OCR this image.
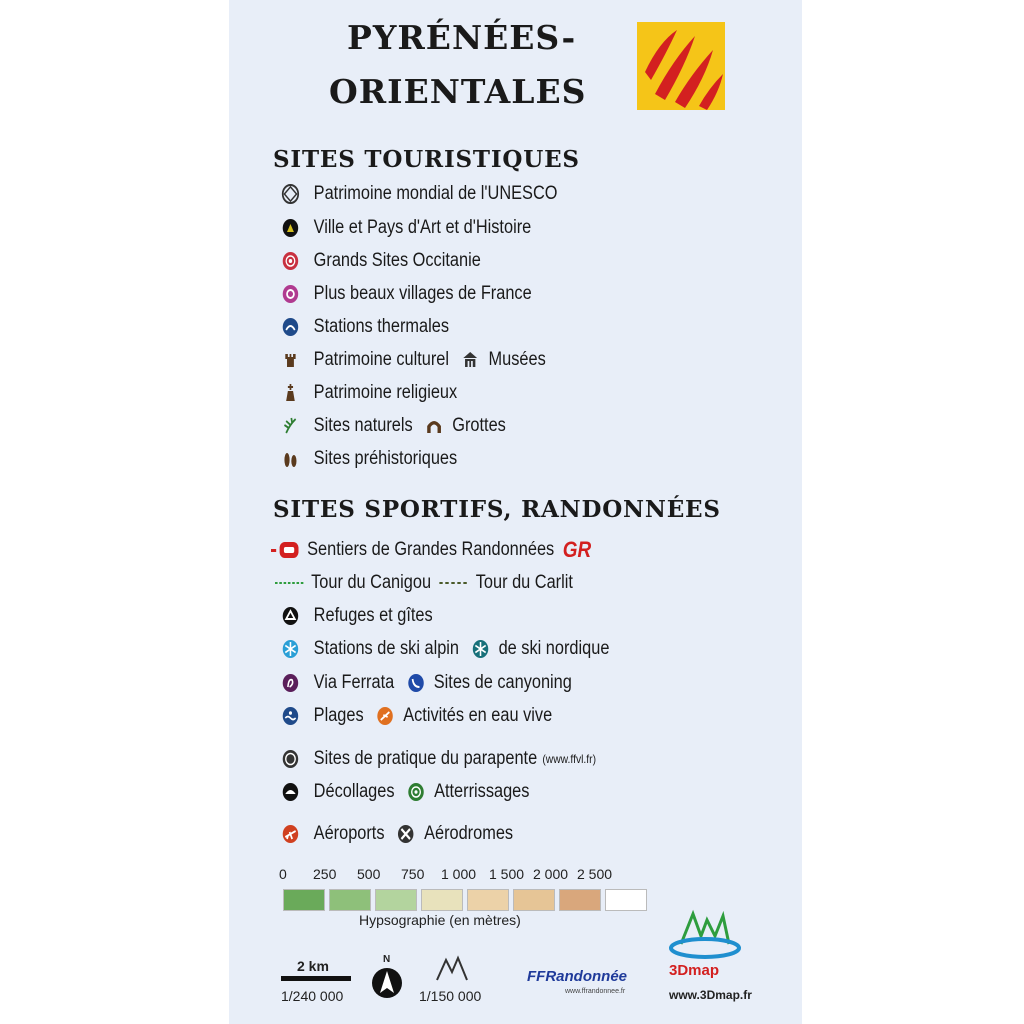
PYRÉNÉES-
ORIENTALES
SITES TOURISTIQUES
Patrimoine mondial de l'UNESCO
Ville et Pays d'Art et d'Histoire
Grands Sites Occitanie
Plus beaux villages de France
Stations thermales
Patrimoine culturel Musées
Patrimoine religieux
Sites naturels Grottes
Sites préhistoriques
SITES SPORTIFS, RANDONNÉES
Sentiers de Grandes Randonnées GR
Tour du Canigou Tour du Carlit
Refuges et gîtes
Stations de ski alpin de ski nordique
Via Ferrata Sites de canyoning
Plages Activités en eau vive
Sites de pratique du parapente (www.ffvl.fr)
Décollages Atterrissages
Aéroports Aérodromes
0 250 500 750 1 000 1 500 2 000 2 500
Hypsographie (en mètres)
2 km
1/240 000
N
1/150 000
FFRandonnée
www.ffrandonnee.fr
3Dmap
www.3Dmap.fr
